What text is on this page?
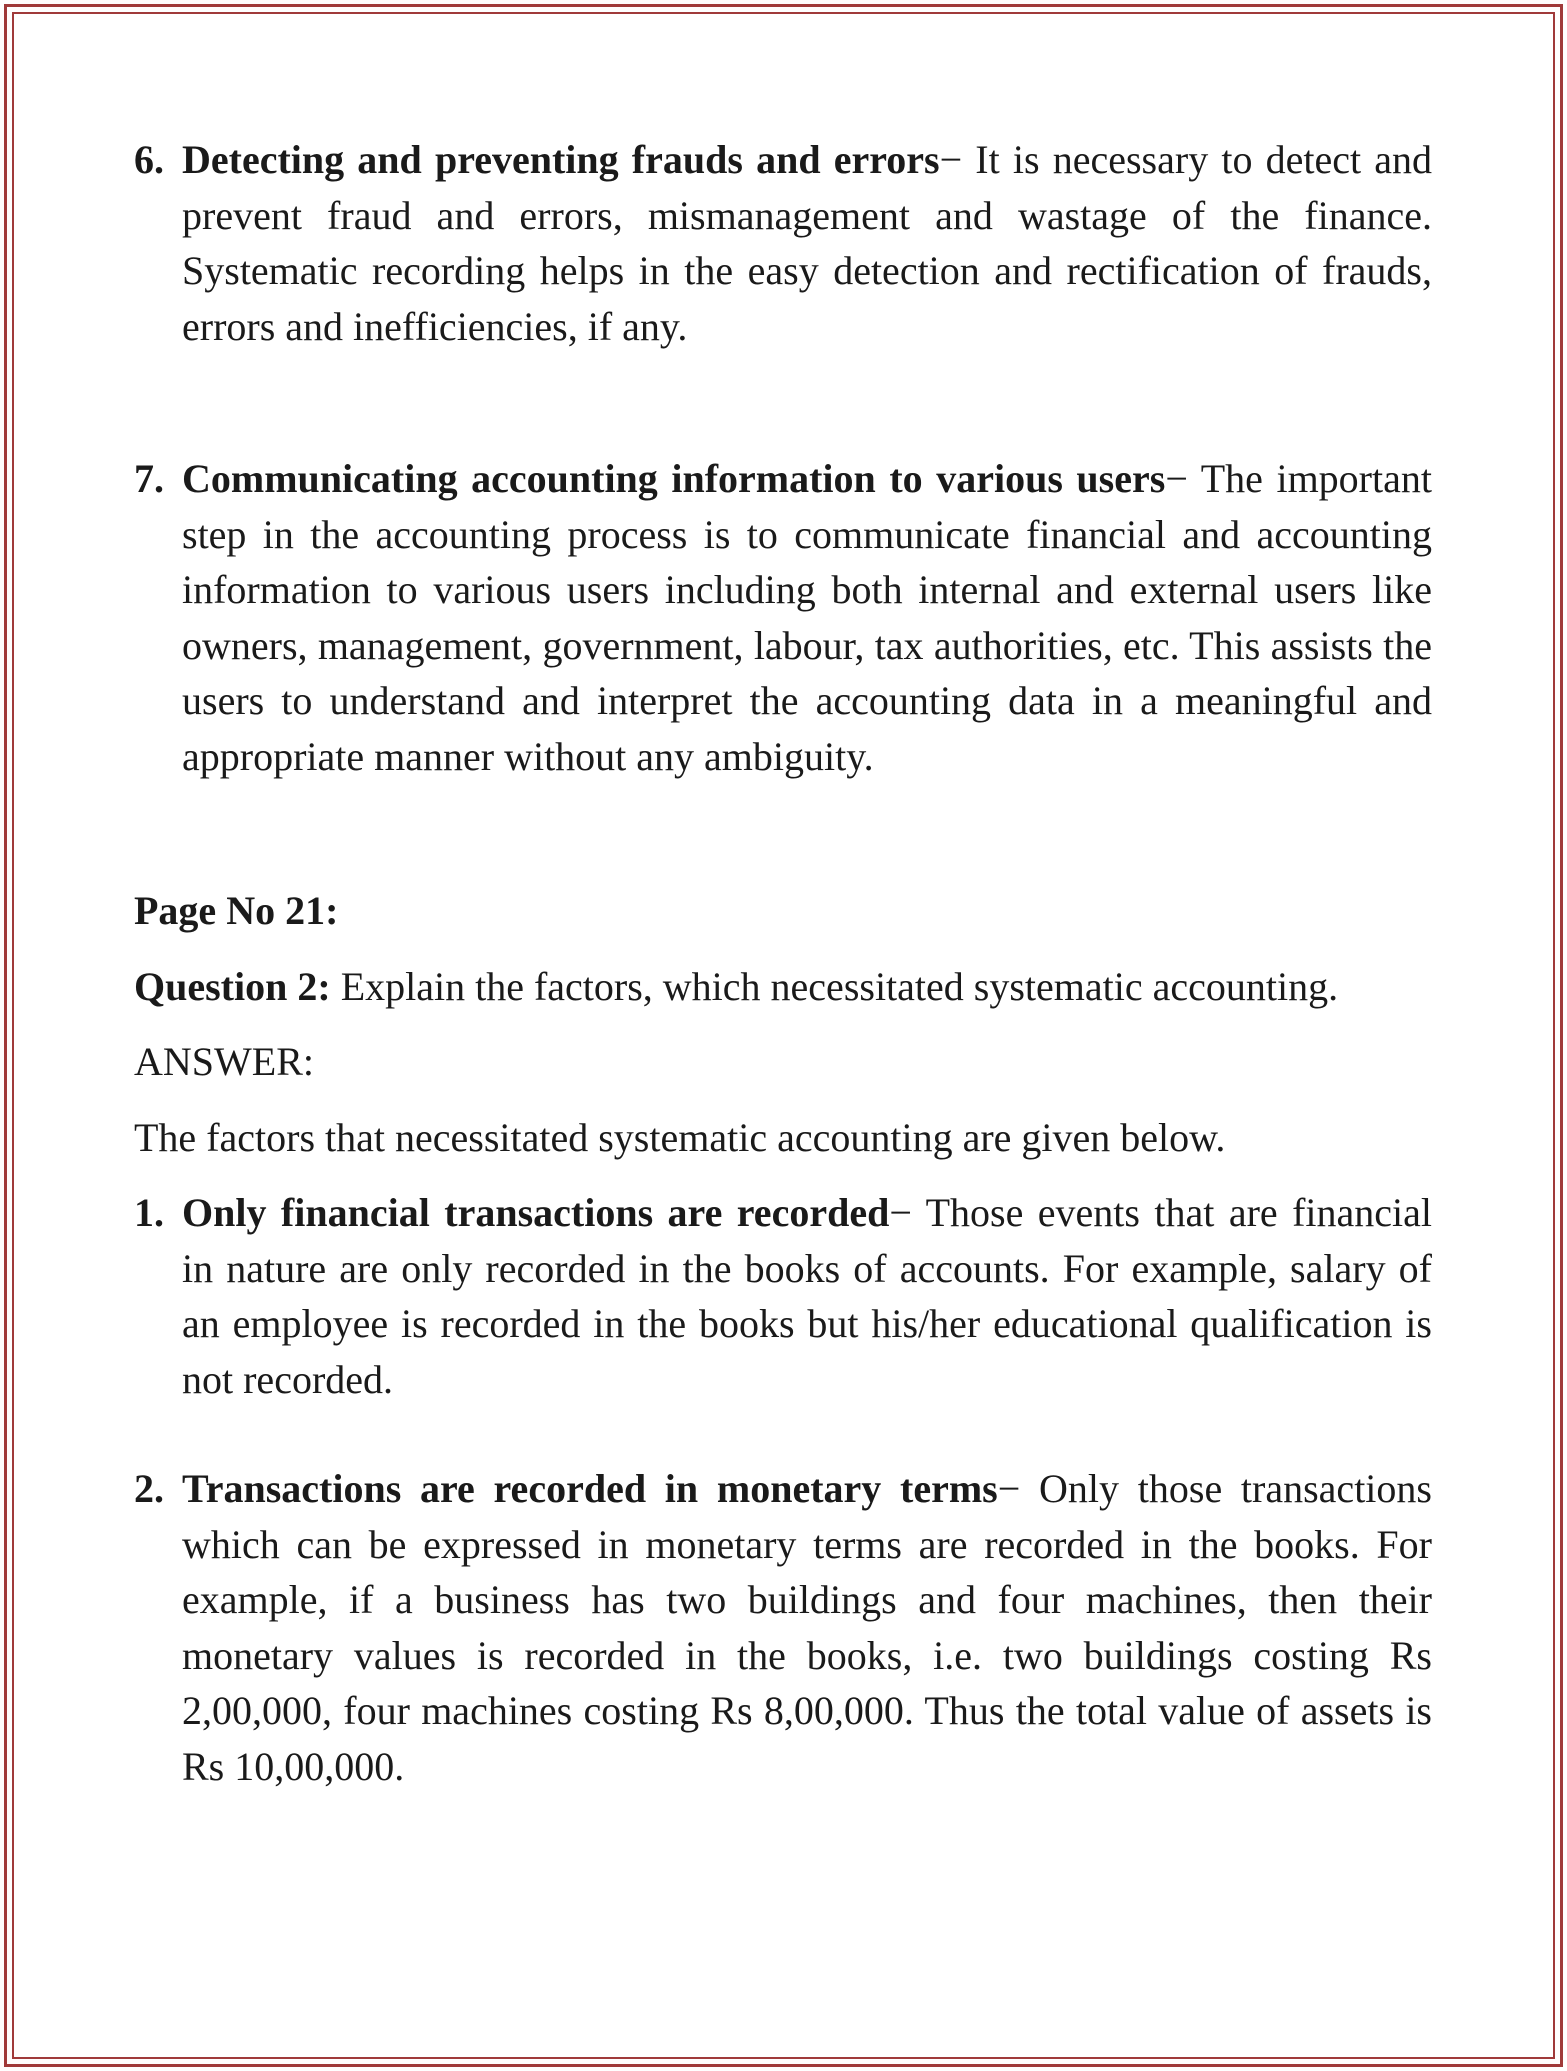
6. Detecting and preventing frauds and errors− It is necessary to detect and prevent fraud and errors, mismanagement and wastage of the finance. Systematic recording helps in the easy detection and rectification of frauds, errors and inefficiencies, if any.
7. Communicating accounting information to various users− The important step in the accounting process is to communicate financial and accounting information to various users including both internal and external users like owners, management, government, labour, tax authorities, etc. This assists the users to understand and interpret the accounting data in a meaningful and appropriate manner without any ambiguity.
Page No 21:
Question 2: Explain the factors, which necessitated systematic accounting.
ANSWER:
The factors that necessitated systematic accounting are given below.
1. Only financial transactions are recorded− Those events that are financial in nature are only recorded in the books of accounts. For example, salary of an employee is recorded in the books but his/her educational qualification is not recorded.
2. Transactions are recorded in monetary terms− Only those transactions which can be expressed in monetary terms are recorded in the books. For example, if a business has two buildings and four machines, then their monetary values is recorded in the books, i.e. two buildings costing Rs 2,00,000, four machines costing Rs 8,00,000. Thus the total value of assets is Rs 10,00,000.
